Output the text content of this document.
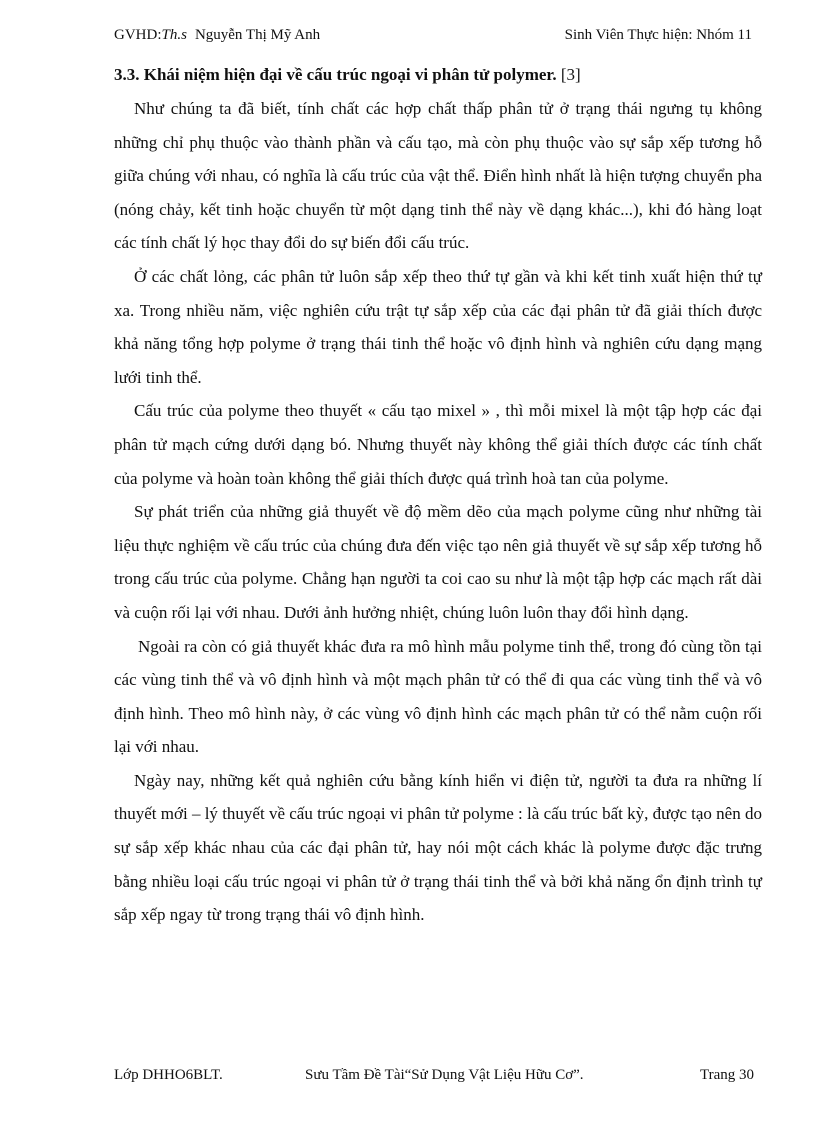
GVHD:Th.s Nguyễn Thị Mỹ Anh	Sinh Viên Thực hiện: Nhóm 11
3.3. Khái niệm hiện đại về cấu trúc ngoại vi phân tử polymer. [3]

Như chúng ta đã biết, tính chất các hợp chất thấp phân tử ở trạng thái ngưng tụ không những chỉ phụ thuộc vào thành phần và cấu tạo, mà còn phụ thuộc vào sự sắp xếp tương hỗ giữa chúng với nhau, có nghĩa là cấu trúc của vật thể. Điển hình nhất là hiện tượng chuyển pha (nóng chảy, kết tinh hoặc chuyển từ một dạng tinh thể này về dạng khác...), khi đó hàng loạt các tính chất lý học thay đổi do sự biến đổi cấu trúc.

Ở các chất lỏng, các phân tử luôn sắp xếp theo thứ tự gần và khi kết tinh xuất hiện thứ tự xa. Trong nhiều năm, việc nghiên cứu trật tự sắp xếp của các đại phân tử đã giải thích được khả năng tổng hợp polyme ở trạng thái tinh thể hoặc vô định hình và nghiên cứu dạng mạng lưới tinh thể.

Cấu trúc của polyme theo thuyết « cấu tạo mixel » , thì mỗi mixel là một tập hợp các đại phân tử mạch cứng dưới dạng bó. Nhưng thuyết này không thể giải thích được các tính chất của polyme và hoàn toàn không thể giải thích được quá trình hoà tan của polyme.

Sự phát triển của những giả thuyết về độ mềm dẽo của mạch polyme cũng như những tài liệu thực nghiệm về cấu trúc của chúng đưa đến việc tạo nên giả thuyết về sự sắp xếp tương hỗ trong cấu trúc của polyme. Chẳng hạn người ta coi cao su như là một tập hợp các mạch rất dài và cuộn rối lại với nhau. Dưới ảnh hưởng nhiệt, chúng luôn luôn thay đổi hình dạng.

Ngoài ra còn có giả thuyết khác đưa ra mô hình mẫu polyme tinh thể, trong đó cùng tồn tại các vùng tinh thể và vô định hình và một mạch phân tử có thể đi qua các vùng tinh thể và vô định hình. Theo mô hình này, ở các vùng vô định hình các mạch phân tử có thể nằm cuộn rối lại với nhau.

Ngày nay, những kết quả nghiên cứu bằng kính hiển vi điện tử, người ta đưa ra những lí thuyết mới – lý thuyết về cấu trúc ngoại vi phân tử polyme : là cấu trúc bất kỳ, được tạo nên do sự sắp xếp khác nhau của các đại phân tử, hay nói một cách khác là polyme được đặc trưng bằng nhiều loại cấu trúc ngoại vi phân tử ở trạng thái tinh thể và bởi khả năng ổn định trình tự sắp xếp ngay từ trong trạng thái vô định hình.

Lớp DHHO6BLT.	Sưu Tầm Đề Tài“Sử Dụng Vật Liệu Hữu Cơ”.	Trang 30
